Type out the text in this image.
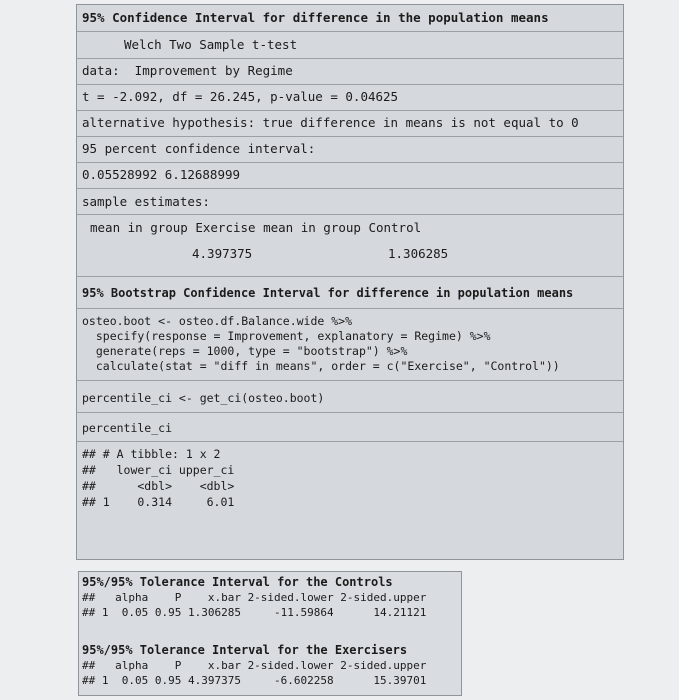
95% Confidence Interval for difference in the population means
Welch Two Sample t-test
data:  Improvement by Regime
t = -2.092, df = 26.245, p-value = 0.04625
alternative hypothesis: true difference in means is not equal to 0
95 percent confidence interval:
0.05528992 6.12688999
sample estimates:
mean in group Exercise mean in group Control
4.397375	1.306285
95% Bootstrap Confidence Interval for difference in population means
osteo.boot <- osteo.df.Balance.wide %>%
specify(response = Improvement, explanatory = Regime) %>%
generate(reps = 1000, type = "bootstrap") %>%
calculate(stat = "diff in means", order = c("Exercise", "Control"))
percentile_ci <- get_ci(osteo.boot)
percentile_ci
## # A tibble: 1 x 2
##   lower_ci upper_ci
##      <dbl>    <dbl>
## 1    0.314     6.01
95%/95% Tolerance Interval for the Controls
##   alpha    P    x.bar 2-sided.lower 2-sided.upper
## 1  0.05 0.95 1.306285     -11.59864      14.21121
95%/95% Tolerance Interval for the Exercisers
##   alpha    P    x.bar 2-sided.lower 2-sided.upper
## 1  0.05 0.95 4.397375     -6.602258      15.39701
